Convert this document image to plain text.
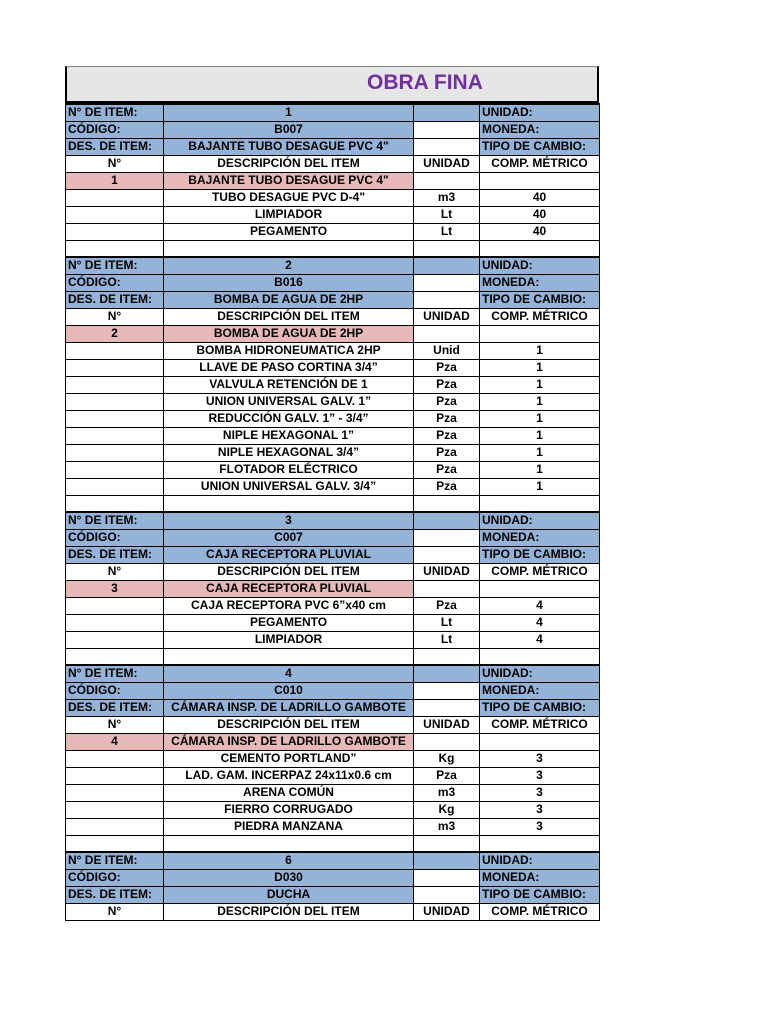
OBRA FINA
N° DE ITEM:	1		UNIDAD:
CÓDIGO:	B007		MONEDA:
DES. DE ITEM:	BAJANTE TUBO DESAGUE PVC 4"		TIPO DE CAMBIO:
N°	DESCRIPCIÓN DEL ITEM	UNIDAD	COMP. MÉTRICO
1	BAJANTE TUBO DESAGUE PVC 4"		
	TUBO DESAGUE PVC D-4"	m3	40
	LIMPIADOR	Lt	40
	PEGAMENTO	Lt	40

N° DE ITEM:	2		UNIDAD:
CÓDIGO:	B016		MONEDA:
DES. DE ITEM:	BOMBA DE AGUA DE 2HP		TIPO DE CAMBIO:
N°	DESCRIPCIÓN DEL ITEM	UNIDAD	COMP. MÉTRICO
2	BOMBA DE AGUA DE 2HP		
	BOMBA HIDRONEUMATICA 2HP	Unid	1
	LLAVE DE PASO CORTINA 3/4”	Pza	1
	VALVULA RETENCIÓN DE 1	Pza	1
	UNION UNIVERSAL GALV. 1”	Pza	1
	REDUCCIÓN GALV. 1” - 3/4”	Pza	1
	NIPLE HEXAGONAL 1”	Pza	1
	NIPLE HEXAGONAL 3/4”	Pza	1
	FLOTADOR ELÉCTRICO	Pza	1
	UNION UNIVERSAL GALV. 3/4”	Pza	1

N° DE ITEM:	3		UNIDAD:
CÓDIGO:	C007		MONEDA:
DES. DE ITEM:	CAJA RECEPTORA PLUVIAL		TIPO DE CAMBIO:
N°	DESCRIPCIÓN DEL ITEM	UNIDAD	COMP. MÉTRICO
3	CAJA RECEPTORA PLUVIAL		
	CAJA RECEPTORA PVC 6”x40 cm	Pza	4
	PEGAMENTO	Lt	4
	LIMPIADOR	Lt	4

N° DE ITEM:	4		UNIDAD:
CÓDIGO:	C010		MONEDA:
DES. DE ITEM:	CÁMARA INSP. DE LADRILLO GAMBOTE		TIPO DE CAMBIO:
N°	DESCRIPCIÓN DEL ITEM	UNIDAD	COMP. MÉTRICO
4	CÁMARA INSP. DE LADRILLO GAMBOTE		
	CEMENTO PORTLAND”	Kg	3
	LAD. GAM. INCERPAZ 24x11x0.6 cm	Pza	3
	ARENA COMÚN	m3	3
	FIERRO CORRUGADO	Kg	3
	PIEDRA MANZANA	m3	3

N° DE ITEM:	6		UNIDAD:
CÓDIGO:	D030		MONEDA:
DES. DE ITEM:	DUCHA		TIPO DE CAMBIO:
N°	DESCRIPCIÓN DEL ITEM	UNIDAD	COMP. MÉTRICO
